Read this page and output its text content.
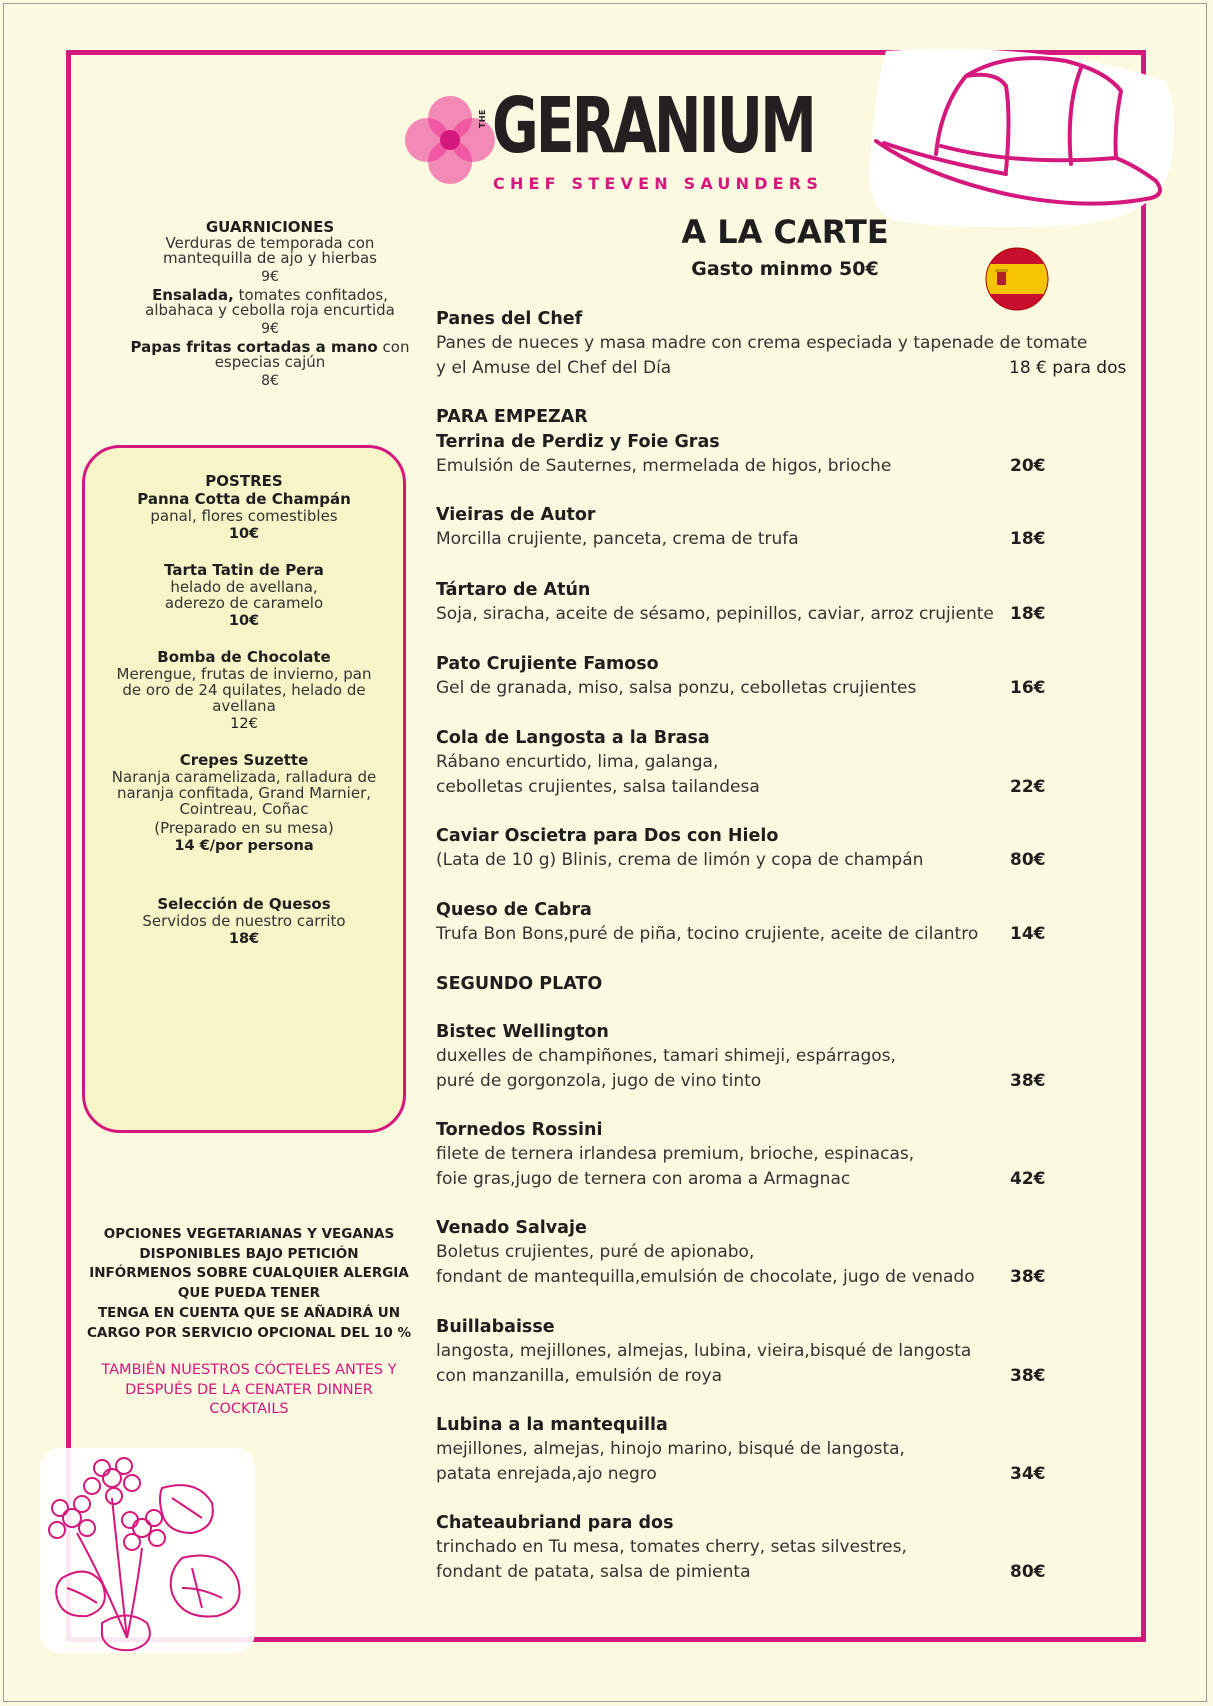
THE GERANIUM
CHEF STEVEN SAUNDERS
A LA CARTE
Gasto minmo 50€
GUARNICIONES
Verduras de temporada con
mantequilla de ajo y hierbas
9€
Ensalada, tomates confitados,
albahaca y cebolla roja encurtida
9€
Papas fritas cortadas a mano con
especias cajún
8€
POSTRES
Panna Cotta de Champán
panal, flores comestibles
10€
Tarta Tatin de Pera
helado de avellana,
aderezo de caramelo
10€
Bomba de Chocolate
Merengue, frutas de invierno, pan
de oro de 24 quilates, helado de
avellana
12€
Crepes Suzette
Naranja caramelizada, ralladura de
naranja confitada, Grand Marnier,
Cointreau, Coñac
(Preparado en su mesa)
14 €/por persona
Selección de Quesos
Servidos de nuestro carrito
18€
OPCIONES VEGETARIANAS Y VEGANAS
DISPONIBLES BAJO PETICIÓN
INFÓRMENOS SOBRE CUALQUIER ALERGIA
QUE PUEDA TENER
TENGA EN CUENTA QUE SE AÑADIRÁ UN
CARGO POR SERVICIO OPCIONAL DEL 10 %
TAMBIÉN NUESTROS CÓCTELES ANTES Y
DESPUÉS DE LA CENATER DINNER
COCKTAILS
Panes del Chef
Panes de nueces y masa madre con crema especiada y tapenade de tomate
y el Amuse del Chef del Día	18 € para dos
PARA EMPEZAR
Terrina de Perdiz y Foie Gras
Emulsión de Sauternes, mermelada de higos, brioche	20€
Vieiras de Autor
Morcilla crujiente, panceta, crema de trufa	18€
Tártaro de Atún
Soja, siracha, aceite de sésamo, pepinillos, caviar, arroz crujiente 18€
Pato Crujiente Famoso
Gel de granada, miso, salsa ponzu, cebolletas crujientes	16€
Cola de Langosta a la Brasa
Rábano encurtido, lima, galanga,
cebolletas crujientes, salsa tailandesa	22€
Caviar Oscietra para Dos con Hielo
(Lata de 10 g) Blinis, crema de limón y copa de champán	80€
Queso de Cabra
Trufa Bon Bons,puré de piña, tocino crujiente, aceite de cilantro	14€
SEGUNDO PLATO
Bistec Wellington
duxelles de champiñones, tamari shimeji, espárragos,
puré de gorgonzola, jugo de vino tinto	38€
Tornedos Rossini
filete de ternera irlandesa premium, brioche, espinacas,
foie gras,jugo de ternera con aroma a Armagnac	42€
Venado Salvaje
Boletus crujientes, puré de apionabo,
fondant de mantequilla,emulsión de chocolate, jugo de venado	38€
Buillabaisse
langosta, mejillones, almejas, lubina, vieira,bisqué de langosta
con manzanilla, emulsión de roya	38€
Lubina a la mantequilla
mejillones, almejas, hinojo marino, bisqué de langosta,
patata enrejada,ajo negro	34€
Chateaubriand para dos
trinchado en Tu mesa, tomates cherry, setas silvestres,
fondant de patata, salsa de pimienta	80€
